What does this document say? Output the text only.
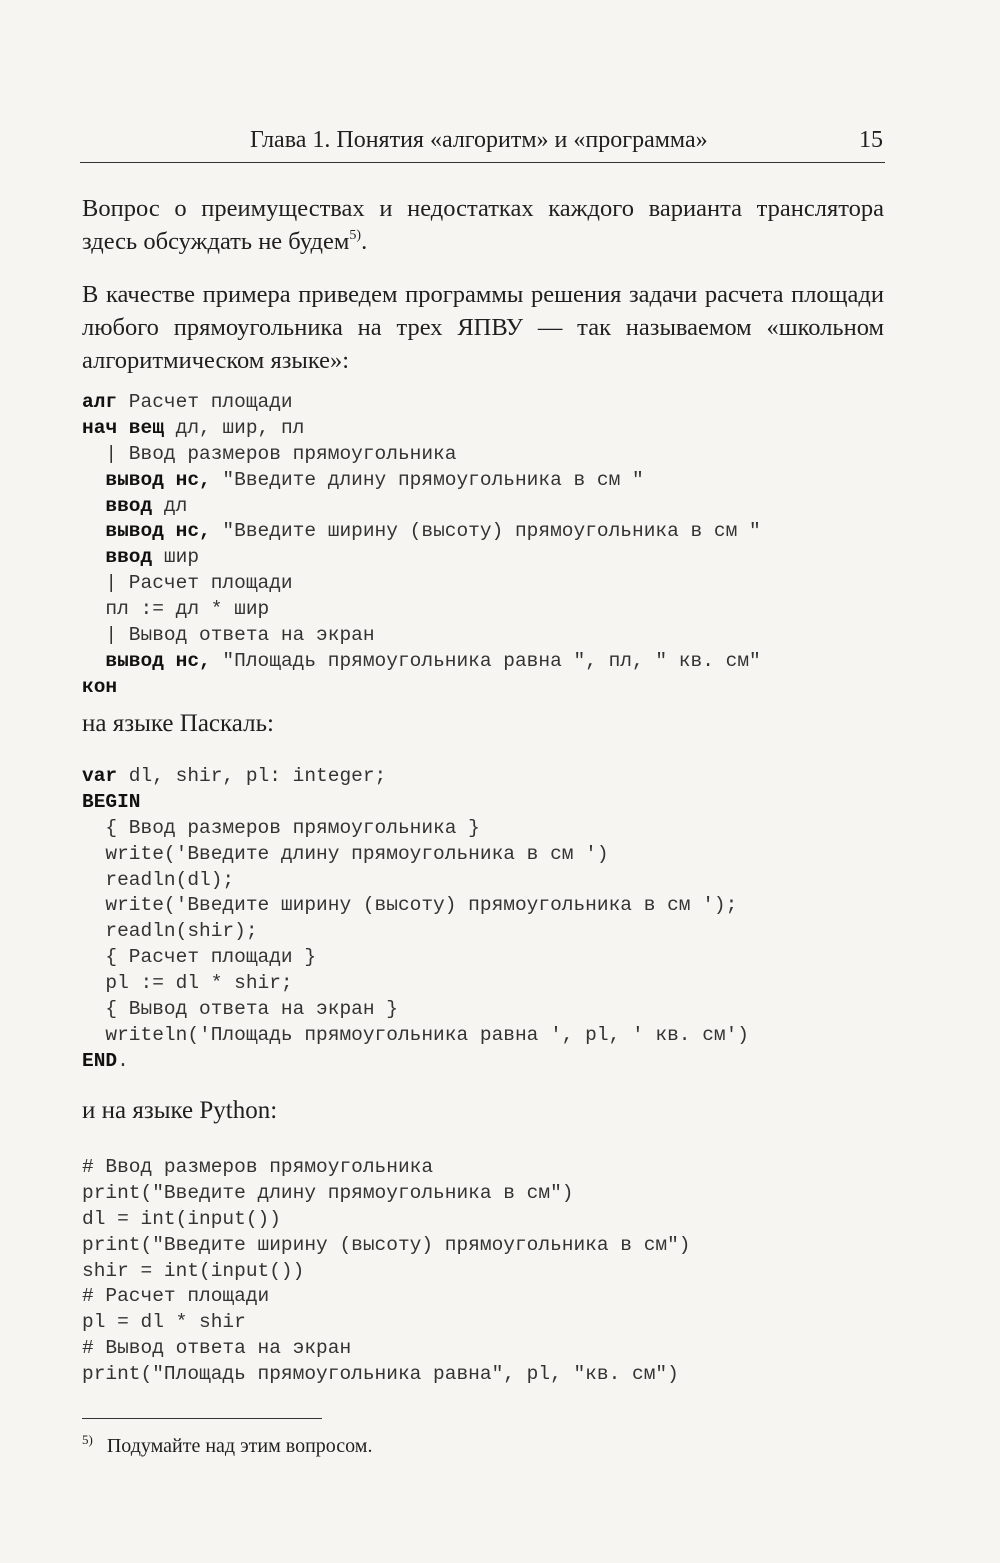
Глава 1. Понятия «алгоритм» и «программа»	15
Вопрос о преимуществах и недостатках каждого варианта транслятора здесь обсуждать не будем$^{5)}$.
В качестве примера приведем программы решения задачи расчета площади любого прямоугольника на трех ЯПВУ — так называемом «школьном алгоритмическом языке»:
алг Расчет площади
нач вещ дл, шир, пл
| Ввод размеров прямоугольника
вывод нс, "Введите длину прямоугольника в см "
ввод дл
вывод нс, "Введите ширину (высоту) прямоугольника в см "
ввод шир
| Расчет площади
пл := дл * шир
| Вывод ответа на экран
вывод нс, "Площадь прямоугольника равна ", пл, " кв. см"
кон
на языке Паскаль:
var dl, shir, pl: integer;
BEGIN
{ Ввод размеров прямоугольника }
write('Введите длину прямоугольника в см ')
readln(dl);
write('Введите ширину (высоту) прямоугольника в см ');
readln(shir);
{ Расчет площади }
pl := dl * shir;
{ Вывод ответа на экран }
writeln('Площадь прямоугольника равна ', pl, ' кв. см')
END.
и на языке Python:
# Ввод размеров прямоугольника
print("Введите длину прямоугольника в см")
dl = int(input())
print("Введите ширину (высоту) прямоугольника в см")
shir = int(input())
# Расчет площади
pl = dl * shir
# Вывод ответа на экран
print("Площадь прямоугольника равна", pl, "кв. см")
$^{5)}$ Подумайте над этим вопросом.
